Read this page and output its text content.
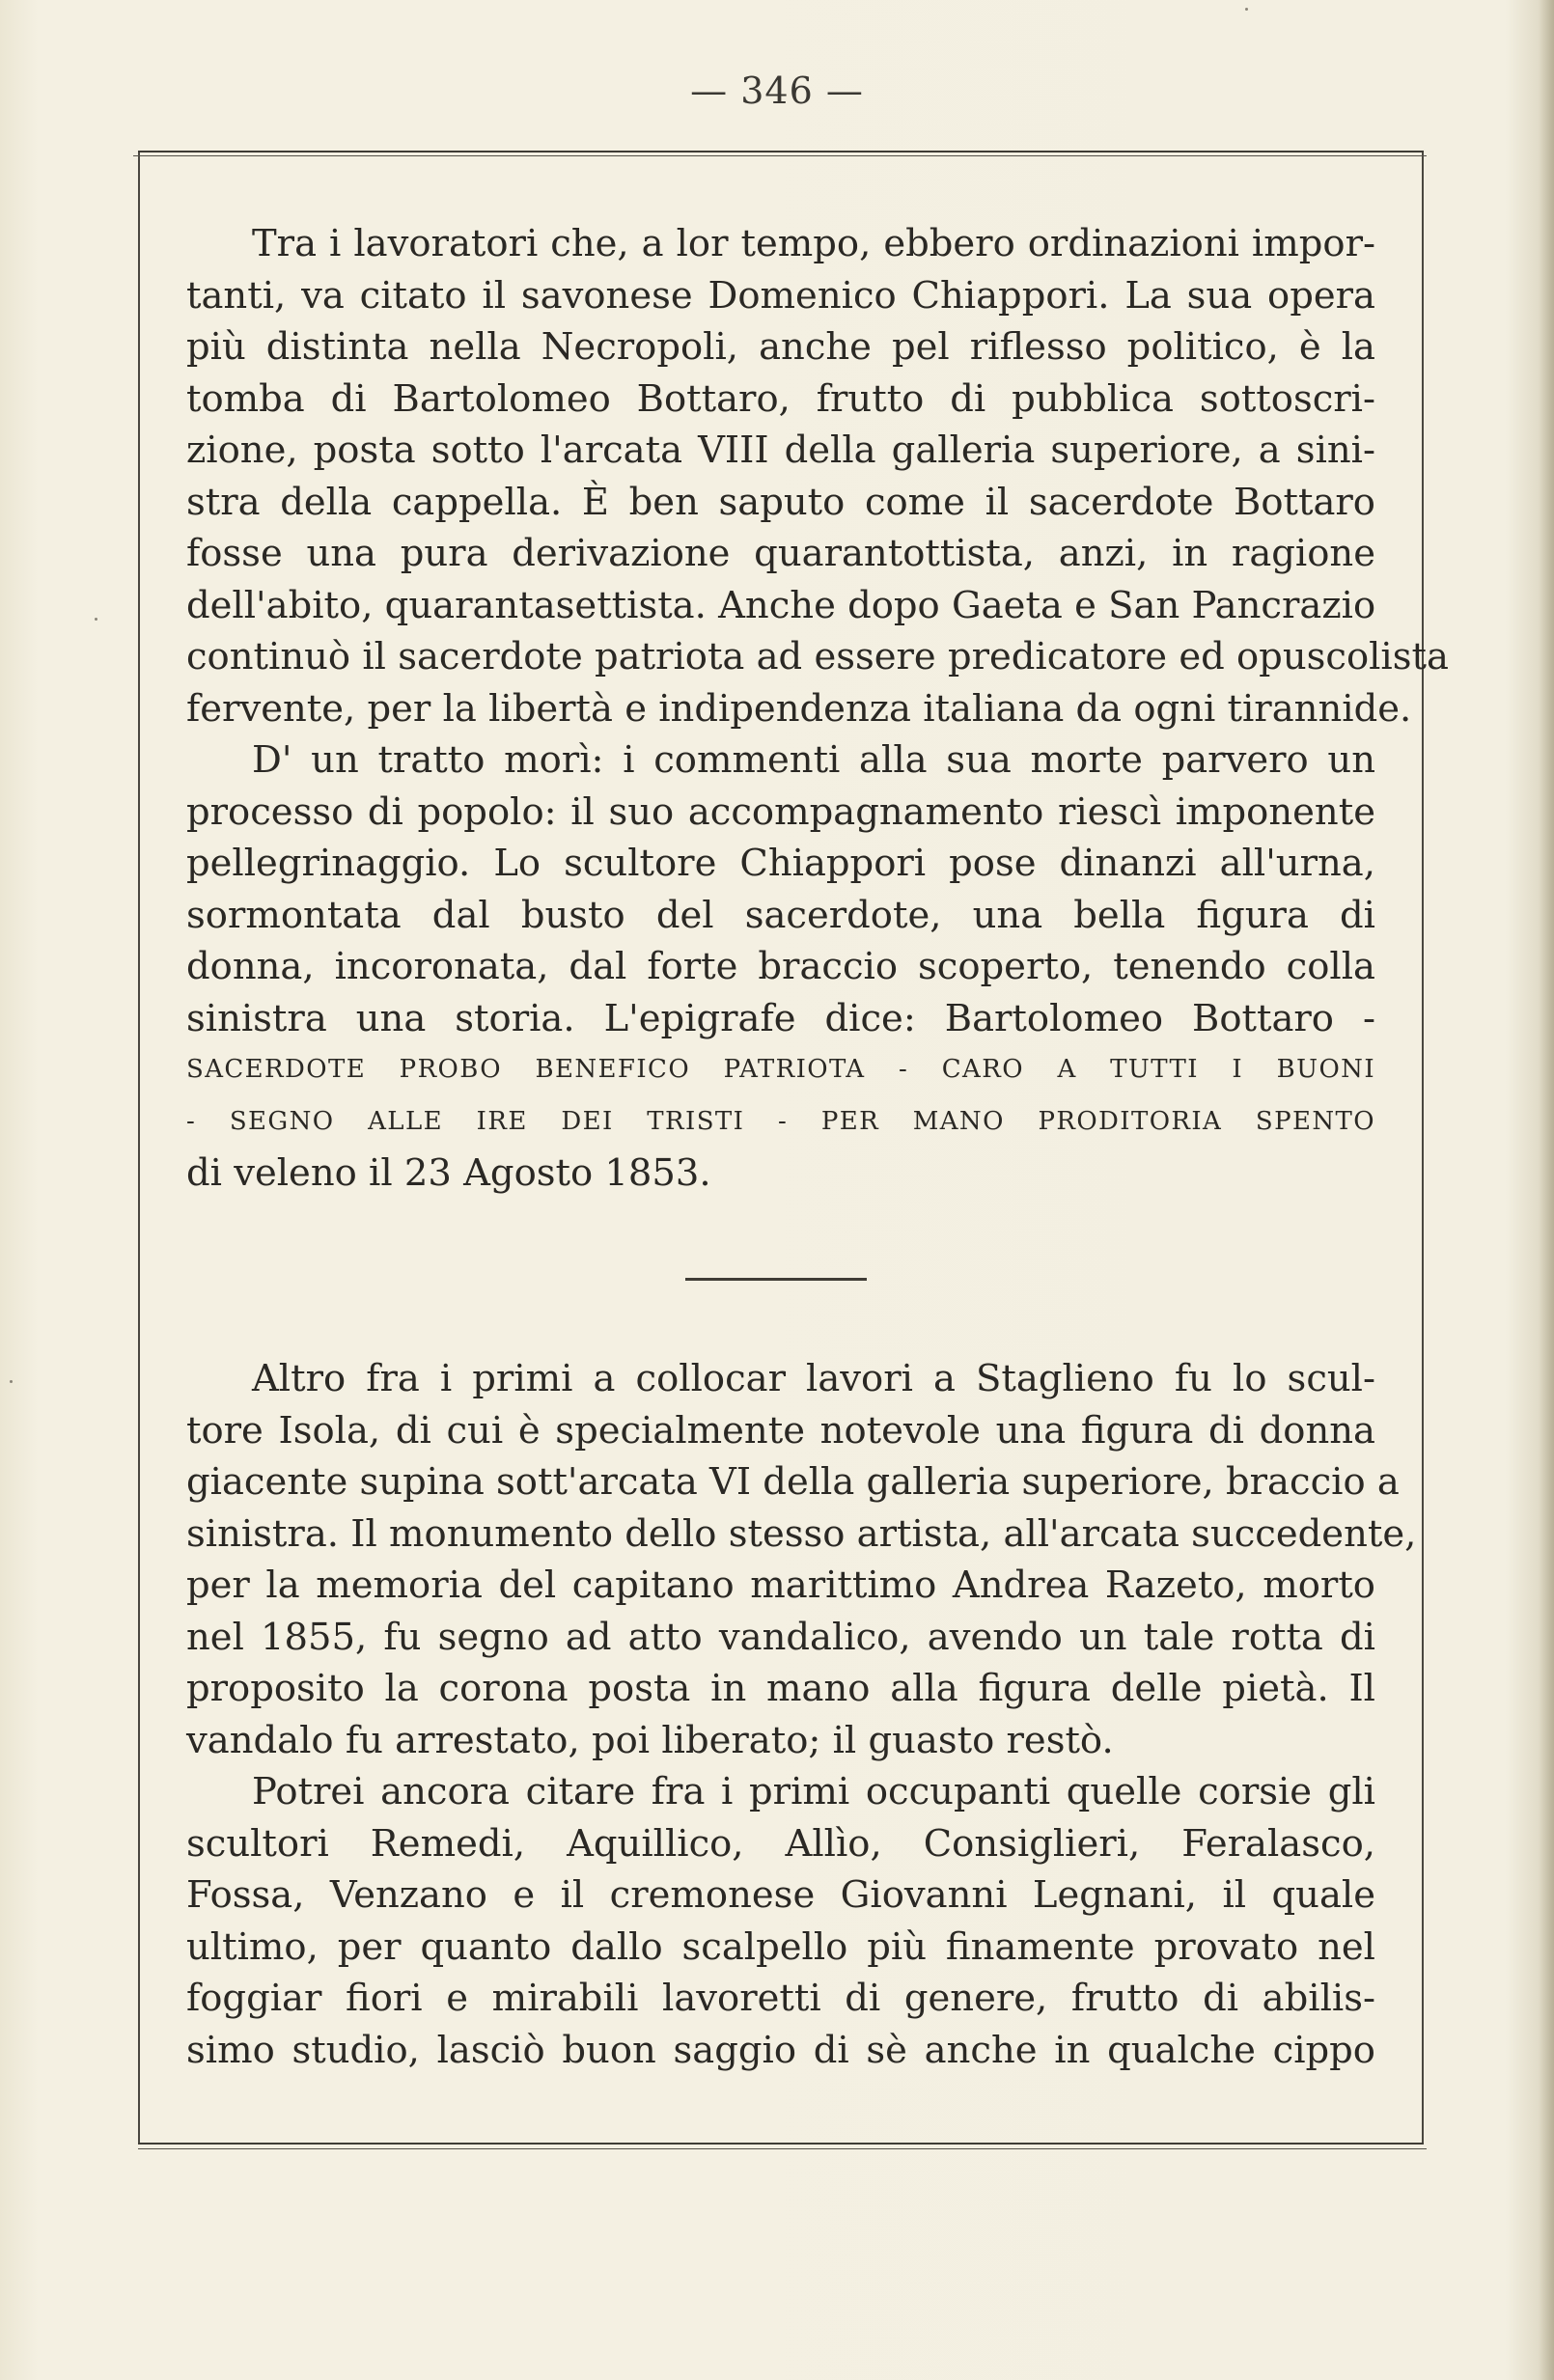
— 346 —
Tra i lavoratori che, a lor tempo, ebbero ordinazioni impor-
tanti, va citato il savonese Domenico Chiappori. La sua opera
più distinta nella Necropoli, anche pel riflesso politico, è la
tomba di Bartolomeo Bottaro, frutto di pubblica sottoscri-
zione, posta sotto l'arcata VIII della galleria superiore, a sini-
stra della cappella. È ben saputo come il sacerdote Bottaro
fosse una pura derivazione quarantottista, anzi, in ragione
dell'abito, quarantasettista. Anche dopo Gaeta e San Pancrazio
continuò il sacerdote patriota ad essere predicatore ed opuscolista
fervente, per la libertà e indipendenza italiana da ogni tirannide.
D' un tratto morì: i commenti alla sua morte parvero un
processo di popolo: il suo accompagnamento riescì imponente
pellegrinaggio. Lo scultore Chiappori pose dinanzi all'urna,
sormontata dal busto del sacerdote, una bella figura di
donna, incoronata, dal forte braccio scoperto, tenendo colla
sinistra una storia. L'epigrafe dice: Bartolomeo Bottaro -
SACERDOTE PROBO BENEFICO PATRIOTA - CARO A TUTTI I BUONI
- SEGNO ALLE IRE DEI TRISTI - PER MANO PRODITORIA SPENTO
di veleno il 23 Agosto 1853.
Altro fra i primi a collocar lavori a Staglieno fu lo scul-
tore Isola, di cui è specialmente notevole una figura di donna
giacente supina sott'arcata VI della galleria superiore, braccio a
sinistra. Il monumento dello stesso artista, all'arcata succedente,
per la memoria del capitano marittimo Andrea Razeto, morto
nel 1855, fu segno ad atto vandalico, avendo un tale rotta di
proposito la corona posta in mano alla figura delle pietà. Il
vandalo fu arrestato, poi liberato; il guasto restò.
Potrei ancora citare fra i primi occupanti quelle corsie gli
scultori Remedi, Aquillico, Allìo, Consiglieri, Feralasco,
Fossa, Venzano e il cremonese Giovanni Legnani, il quale
ultimo, per quanto dallo scalpello più finamente provato nel
foggiar fiori e mirabili lavoretti di genere, frutto di abilis-
simo studio, lasciò buon saggio di sè anche in qualche cippo
